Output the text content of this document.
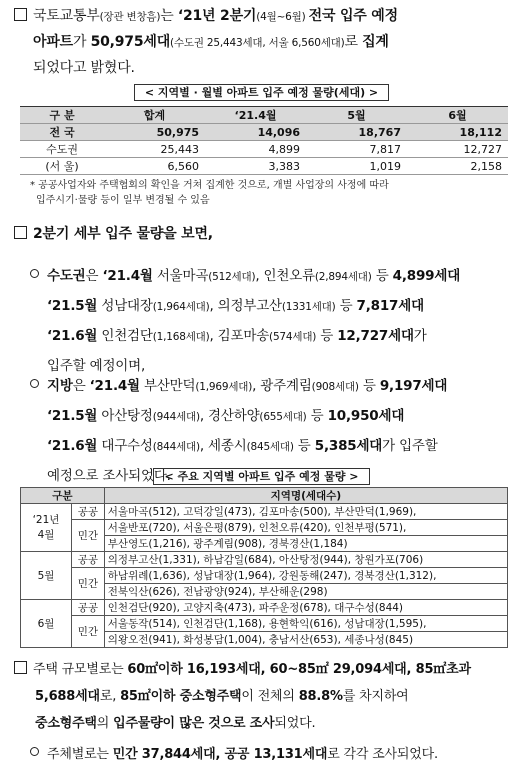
국토교통부(장관 변창흠)는 ‘21년 2분기(4월~6월) 전국 입주 예정
아파트가 50,975세대(수도권 25,443세대, 서울 6,560세대)로 집계
되었다고 밝혔다.
< 지역별 · 월별 아파트 입주 예정 물량(세대) >
구 분	합계	‘21.4월	5월	6월
전 국	50,975	14,096	18,767	18,112
수도권	25,443	4,899	7,817	12,727
(서 울)	6,560	3,383	1,019	2,158
* 공공사업자와 주택협회의 확인을 거쳐 집계한 것으로, 개별 사업장의 사정에 따라
입주시기·물량 등이 일부 변경될 수 있음
2분기 세부 입주 물량을 보면,
수도권은 ‘21.4월 서울마곡(512세대), 인천오류(2,894세대) 등 4,899세대
‘21.5월 성남대장(1,964세대), 의정부고산(1331세대) 등 7,817세대
‘21.6월 인천검단(1,168세대), 김포마송(574세대) 등 12,727세대가
입주할 예정이며,
지방은 ‘21.4월 부산만덕(1,969세대), 광주계림(908세대) 등 9,197세대
‘21.5월 아산탕정(944세대), 경산하양(655세대) 등 10,950세대
‘21.6월 대구수성(844세대), 세종시(845세대) 등 5,385세대가 입주할
예정으로 조사되었다.
< 주요 지역별 아파트 입주 예정 물량 >
구분		지역명(세대수)

‘21년
4월	공공	서울마곡(512), 고덕강일(473), 김포마송(500), 부산만덕(1,969),
	민간	서울반포(720), 서울은평(879), 인천오류(420), 인천부평(571),
		부산영도(1,216), 광주계림(908), 경북경산(1,184)
5월	공공	의정부고산(1,331), 하남감일(684), 아산탕정(944), 창원가포(706)
	민간	하남위례(1,636), 성남대장(1,964), 강원동해(247), 경북경산(1,312),
		전북익산(626), 전남광양(924), 부산해운(298)
6월	공공	인천검단(920), 고양지축(473), 파주운정(678), 대구수성(844)
	민간	서울동작(514), 인천검단(1,168), 용현학익(616), 성남대장(1,595),
		의왕오전(941), 화성봉담(1,004), 충남서산(653), 세종나성(845)
주택 규모별로는 60㎡이하 16,193세대, 60~85㎡ 29,094세대, 85㎡초과
5,688세대로, 85㎡이하 중소형주택이 전체의 88.8%를 차지하여
중소형주택의 입주물량이 많은 것으로 조사되었다.
주체별로는 민간 37,844세대, 공공 13,131세대로 각각 조사되었다.
